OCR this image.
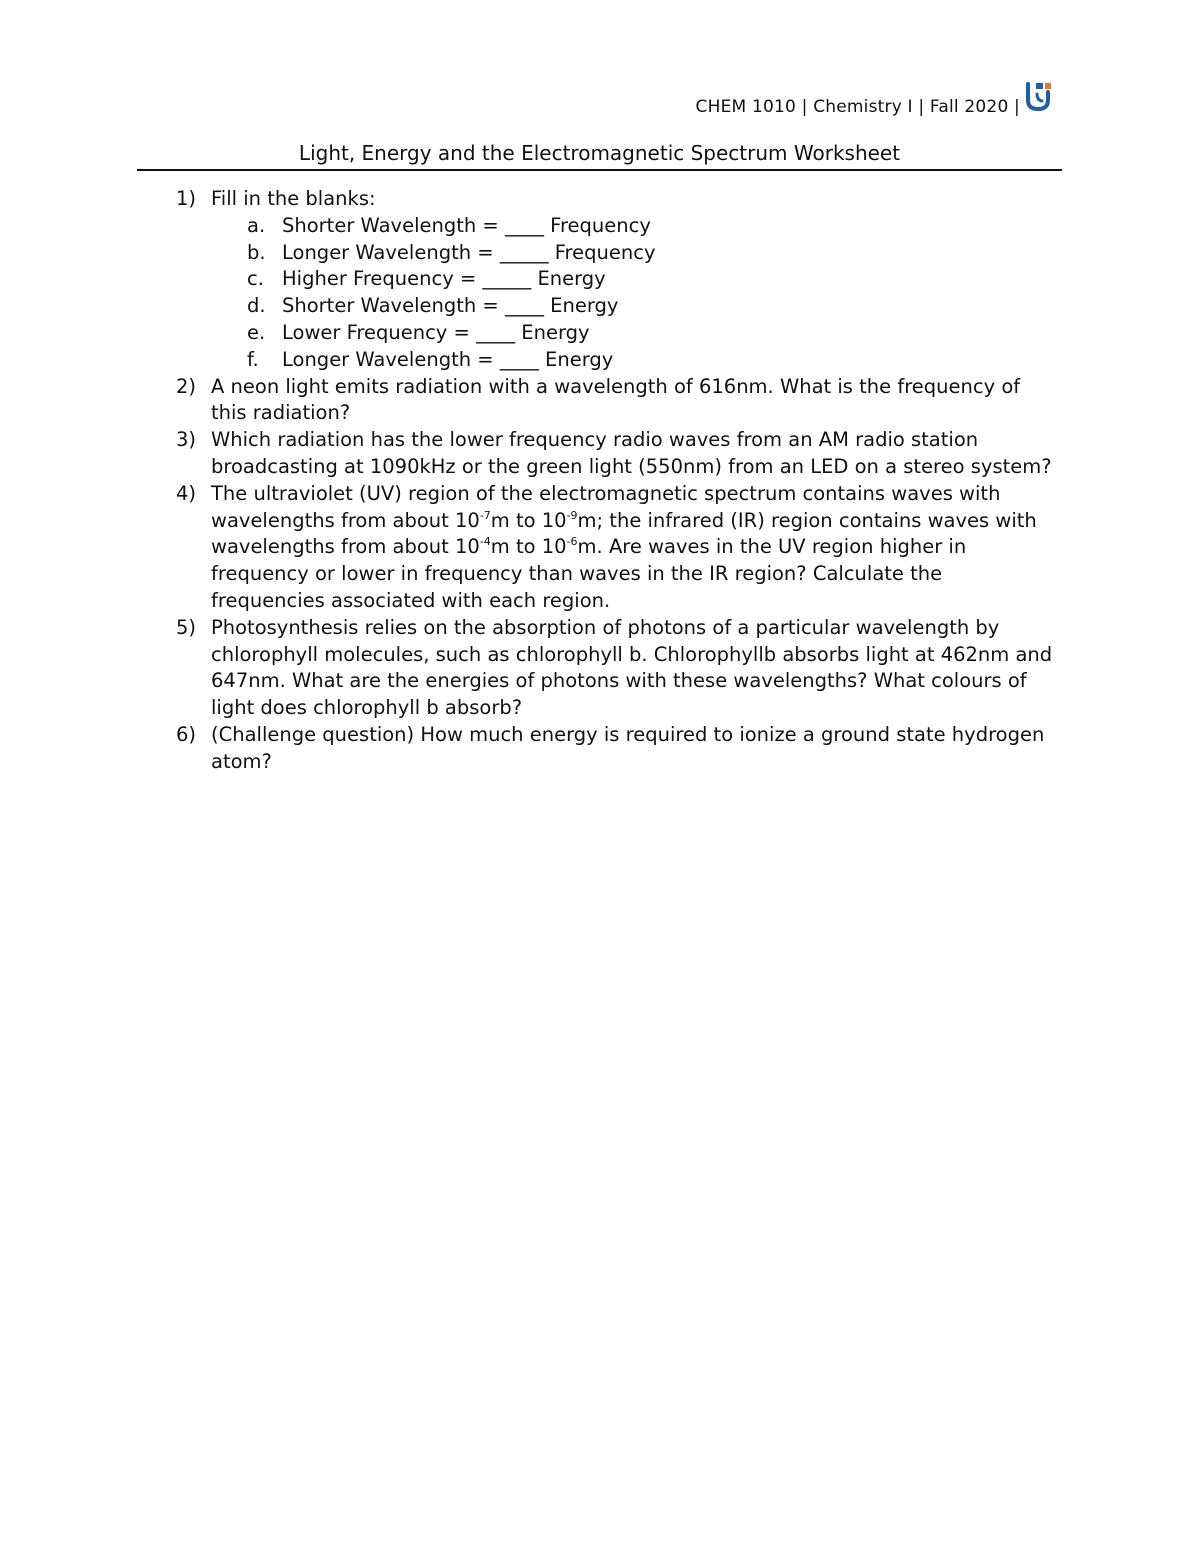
CHEM 1010 | Chemistry I | Fall 2020 |
Light, Energy and the Electromagnetic Spectrum Worksheet
1) Fill in the blanks:
a. Shorter Wavelength = ____ Frequency
b. Longer Wavelength = _____ Frequency
c. Higher Frequency = _____ Energy
d. Shorter Wavelength = ____ Energy
e. Lower Frequency = ____ Energy
f. Longer Wavelength = ____ Energy
2) A neon light emits radiation with a wavelength of 616nm. What is the frequency of this radiation?
3) Which radiation has the lower frequency radio waves from an AM radio station broadcasting at 1090kHz or the green light (550nm) from an LED on a stereo system?
4) The ultraviolet (UV) region of the electromagnetic spectrum contains waves with wavelengths from about $10^{-7}m$ to $10^{-9}m$; the infrared (IR) region contains waves with wavelengths from about $10^{-4}m$ to $10^{-6}m$. Are waves in the UV region higher in frequency or lower in frequency than waves in the IR region? Calculate the frequencies associated with each region.
5) Photosynthesis relies on the absorption of photons of a particular wavelength by chlorophyll molecules, such as chlorophyll b. Chlorophyllb absorbs light at 462nm and 647nm. What are the energies of photons with these wavelengths? What colours of light does chlorophyll b absorb?
6) (Challenge question) How much energy is required to ionize a ground state hydrogen atom?
